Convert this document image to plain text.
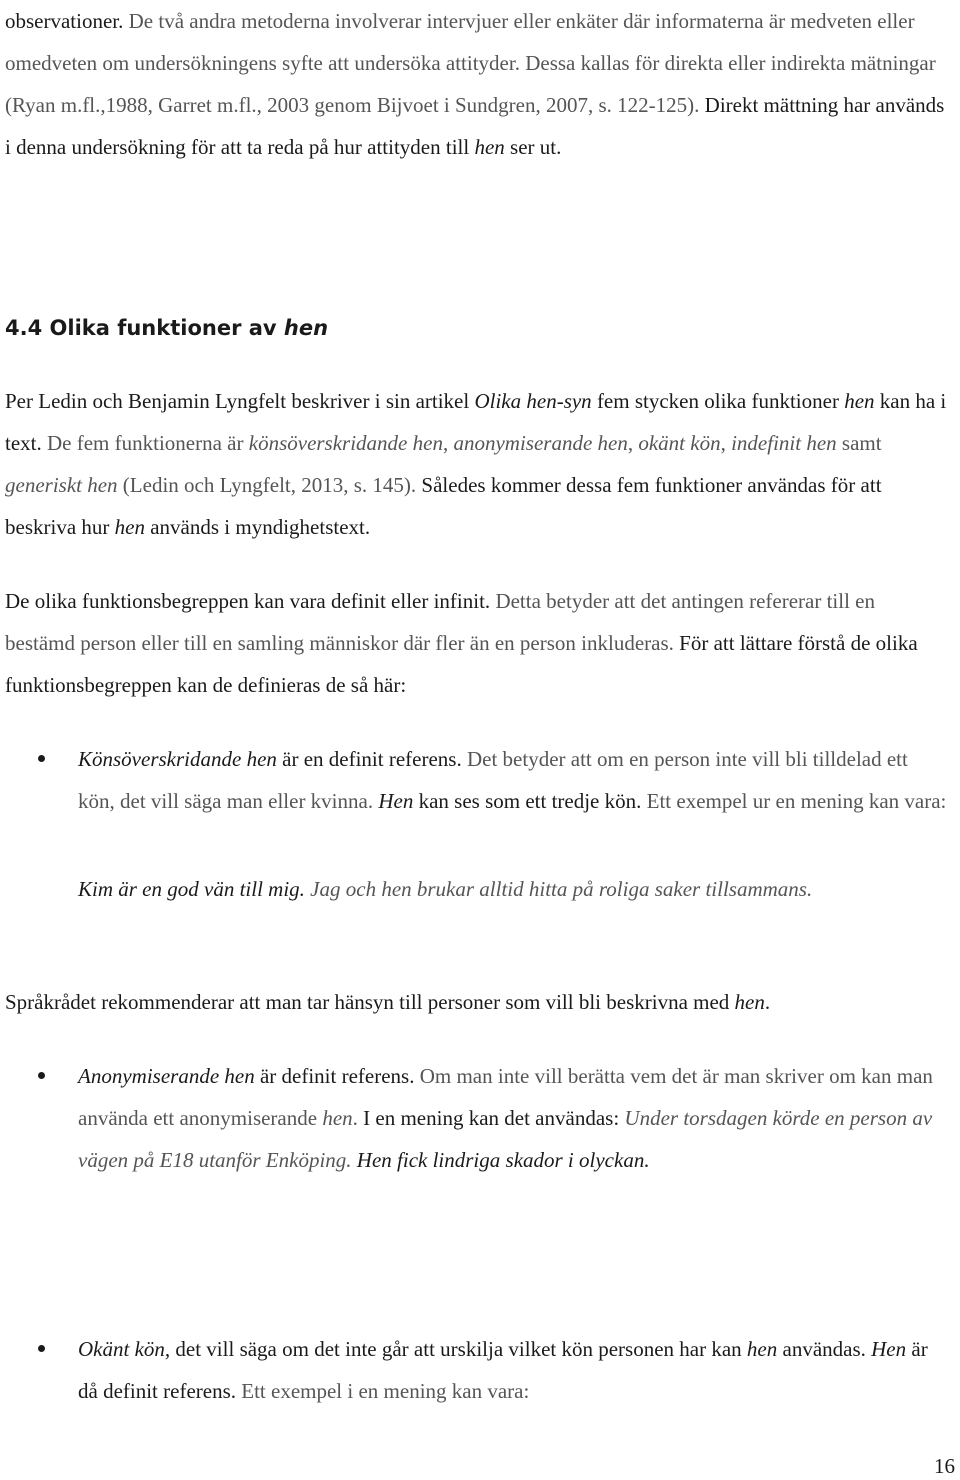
observationer. De två andra metoderna involverar intervjuer eller enkäter där informaterna är medveten eller omedveten om undersökningens syfte att undersöka attityder. Dessa kallas för direkta eller indirekta mätningar (Ryan m.fl.,1988, Garret m.fl., 2003 genom Bijvoet i Sundgren, 2007, s. 122-125). Direkt mättning har används i denna undersökning för att ta reda på hur attityden till hen ser ut.

4.4 Olika funktioner av hen

Per Ledin och Benjamin Lyngfelt beskriver i sin artikel Olika hen-syn fem stycken olika funktioner hen kan ha i text. De fem funktionerna är könsöverskridande hen, anonymiserande hen, okänt kön, indefinit hen samt generiskt hen (Ledin och Lyngfelt, 2013, s. 145). Således kommer dessa fem funktioner användas för att beskriva hur hen används i myndighetstext.

De olika funktionsbegreppen kan vara definit eller infinit. Detta betyder att det antingen refererar till en bestämd person eller till en samling människor där fler än en person inkluderas. För att lättare förstå de olika funktionsbegreppen kan de definieras de så här:

Könsöverskridande hen är en definit referens. Det betyder att om en person inte vill bli tilldelad ett kön, det vill säga man eller kvinna. Hen kan ses som ett tredje kön. Ett exempel ur en mening kan vara:

Kim är en god vän till mig. Jag och hen brukar alltid hitta på roliga saker tillsammans.

Språkrådet rekommenderar att man tar hänsyn till personer som vill bli beskrivna med hen.

Anonymiserande hen är definit referens. Om man inte vill berätta vem det är man skriver om kan man använda ett anonymiserande hen. I en mening kan det användas: Under torsdagen körde en person av vägen på E18 utanför Enköping. Hen fick lindriga skador i olyckan.

Okänt kön, det vill säga om det inte går att urskilja vilket kön personen har kan hen användas. Hen är då definit referens. Ett exempel i en mening kan vara:

16
